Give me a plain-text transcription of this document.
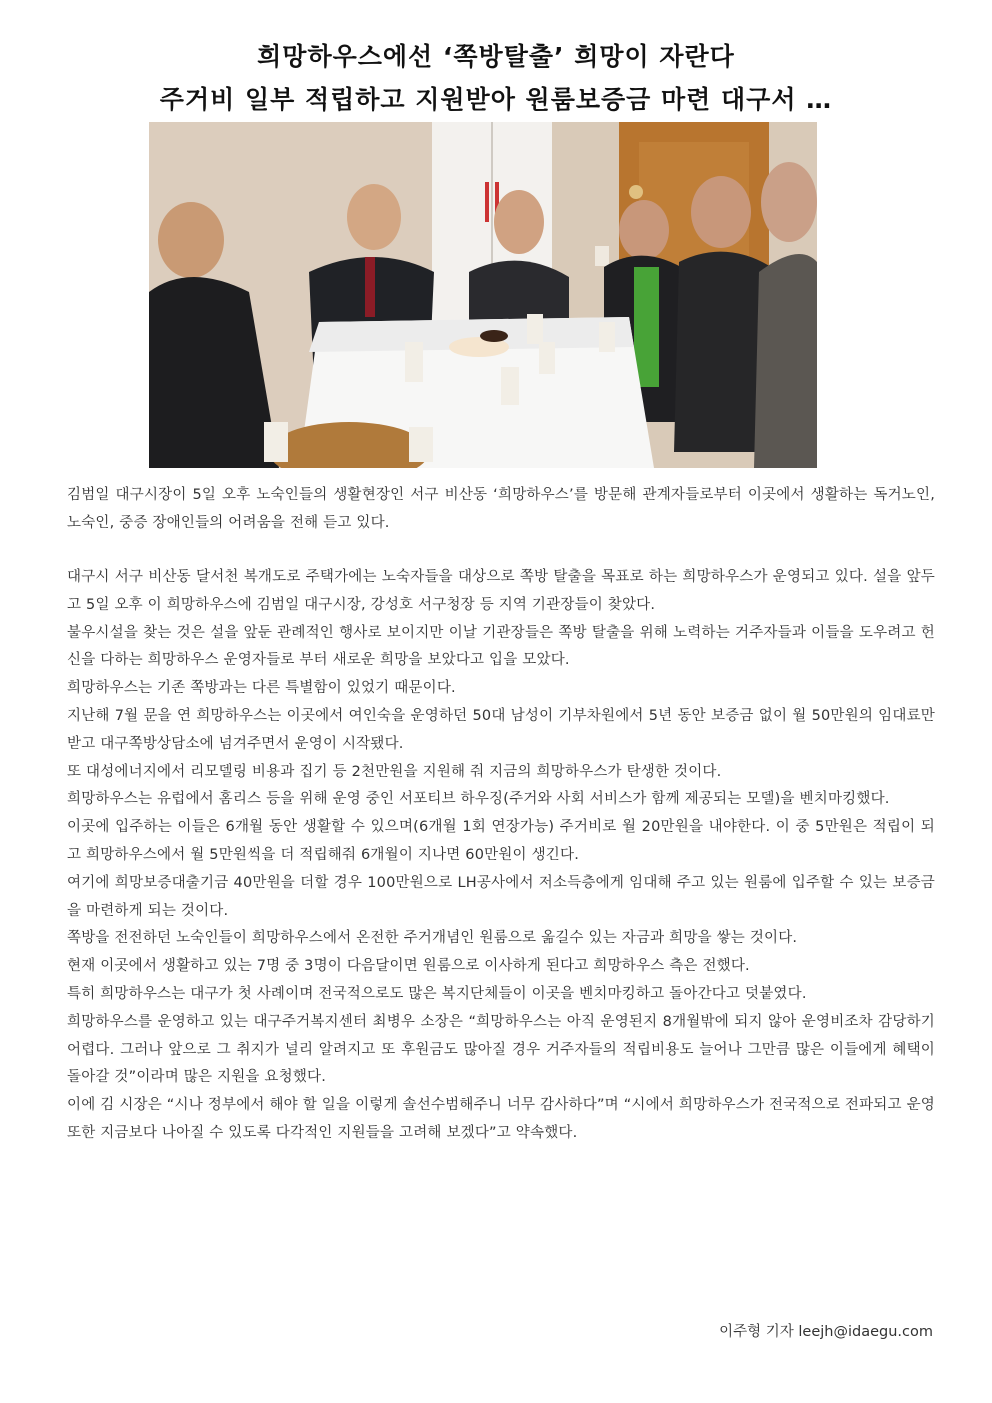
희망하우스에선 ‘쪽방탈출’ 희망이 자란다
주거비 일부 적립하고 지원받아 원룸보증금 마련 대구서 …

김범일 대구시장이 5일 오후 노숙인들의 생활현장인 서구 비산동 ‘희망하우스’를 방문해 관계자들로부터 이곳에서 생활하는 독거노인, 노숙인, 중증 장애인들의 어려움을 전해 듣고 있다.

대구시 서구 비산동 달서천 복개도로 주택가에는 노숙자들을 대상으로 쪽방 탈출을 목표로 하는 희망하우스가 운영되고 있다. 설을 앞두고 5일 오후 이 희망하우스에 김범일 대구시장, 강성호 서구청장 등 지역 기관장들이 찾았다.

불우시설을 찾는 것은 설을 앞둔 관례적인 행사로 보이지만 이날 기관장들은 쪽방 탈출을 위해 노력하는 거주자들과 이들을 도우려고 헌신을 다하는 희망하우스 운영자들로 부터 새로운 희망을 보았다고 입을 모았다.

희망하우스는 기존 쪽방과는 다른 특별함이 있었기 때문이다.

지난해 7월 문을 연 희망하우스는 이곳에서 여인숙을 운영하던 50대 남성이 기부차원에서 5년 동안 보증금 없이 월 50만원의 임대료만 받고 대구쪽방상담소에 넘겨주면서 운영이 시작됐다.

또 대성에너지에서 리모델링 비용과 집기 등 2천만원을 지원해 줘 지금의 희망하우스가 탄생한 것이다.

희망하우스는 유럽에서 홈리스 등을 위해 운영 중인 서포티브 하우징(주거와 사회 서비스가 함께 제공되는 모델)을 벤치마킹했다.

이곳에 입주하는 이들은 6개월 동안 생활할 수 있으며(6개월 1회 연장가능) 주거비로 월 20만원을 내야한다. 이 중 5만원은 적립이 되고 희망하우스에서 월 5만원씩을 더 적립해줘 6개월이 지나면 60만원이 생긴다.

여기에 희망보증대출기금 40만원을 더할 경우 100만원으로 LH공사에서 저소득층에게 임대해 주고 있는 원룸에 입주할 수 있는 보증금을 마련하게 되는 것이다.

쪽방을 전전하던 노숙인들이 희망하우스에서 온전한 주거개념인 원룸으로 옮길수 있는 자금과 희망을 쌓는 것이다.

현재 이곳에서 생활하고 있는 7명 중 3명이 다음달이면 원룸으로 이사하게 된다고 희망하우스 측은 전했다.

특히 희망하우스는 대구가 첫 사례이며 전국적으로도 많은 복지단체들이 이곳을 벤치마킹하고 돌아간다고 덧붙였다.

희망하우스를 운영하고 있는 대구주거복지센터 최병우 소장은 “희망하우스는 아직 운영된지 8개월밖에 되지 않아 운영비조차 감당하기 어렵다. 그러나 앞으로 그 취지가 널리 알려지고 또 후원금도 많아질 경우 거주자들의 적립비용도 늘어나 그만큼 많은 이들에게 혜택이 돌아갈 것”이라며 많은 지원을 요청했다.

이에 김 시장은 “시나 정부에서 해야 할 일을 이렇게 솔선수범해주니 너무 감사하다”며 “시에서 희망하우스가 전국적으로 전파되고 운영 또한 지금보다 나아질 수 있도록 다각적인 지원들을 고려해 보겠다”고 약속했다.

이주형 기자 leejh@idaegu.com
